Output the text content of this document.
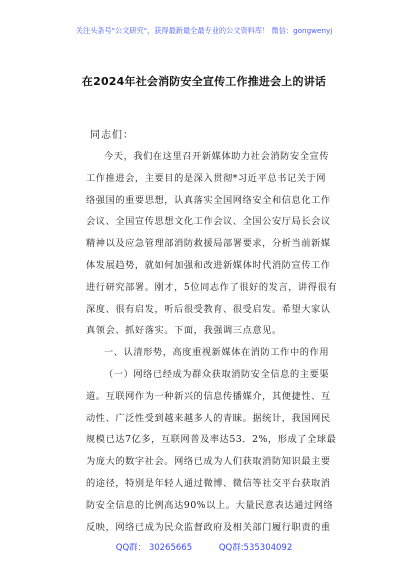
关注头条号"公文研究"，获得最新最全最专业的公文资料库！ 微信：gongwenyj
在2024年社会消防安全宣传工作推进会上的讲话
同志们：
今天，我们在这里召开新媒体助力社会消防安全宣传
工作推进会，主要目的是深入贯彻*习近平总书记关于网
络强国的重要思想，认真落实全国网络安全和信息化工作
会议、全国宣传思想文化工作会议、全国公安厅局长会议
精神以及应急管理部消防救援局部署要求，分析当前新媒
体发展趋势，就如何加强和改进新媒体时代消防宣传工作
进行研究部署。刚才，5位同志作了很好的发言，讲得很有
深度、很有启发，听后很受教育、很受启发。希望大家认
真领会、抓好落实。下面，我强调三点意见。
一、认清形势，高度重视新媒体在消防工作中的作用
（一）网络已经成为群众获取消防安全信息的主要渠
道。互联网作为一种新兴的信息传播媒介，其便捷性、互
动性、广泛性受到越来越多人的青睐。据统计，我国网民
规模已达7亿多，互联网普及率达53．2%，形成了全球最
为庞大的数字社会。网络已成为人们获取消防知识最主要
的途径，特别是年轻人通过微博、微信等社交平台获取消
防安全信息的比例高达90%以上。大量民意表达通过网络
反映，网络已成为民众监督政府及相关部门履行职责的重
QQ群： 30265665	QQ群:535304092
